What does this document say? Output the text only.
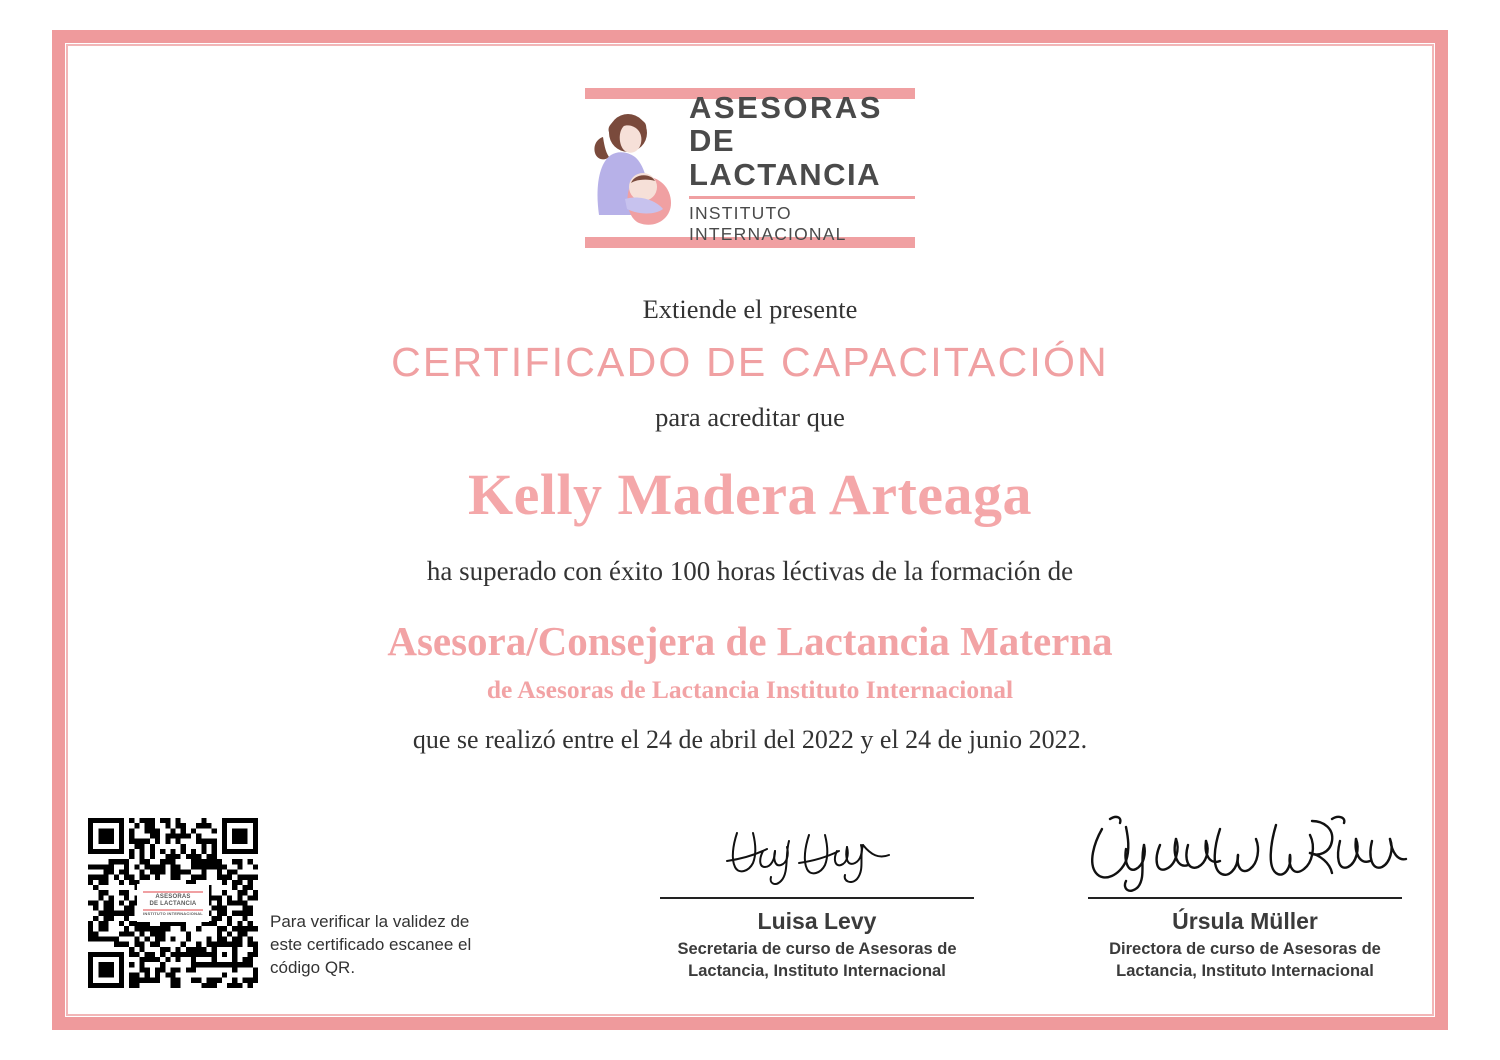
ASESORAS
DE LACTANCIA
INSTITUTO INTERNACIONAL
Extiende el presente
CERTIFICADO DE CAPACITACIÓN
para acreditar que
Kelly Madera Arteaga
ha superado con éxito 100 horas léctivas de la formación de
Asesora/Consejera de Lactancia Materna
de Asesoras de Lactancia Instituto Internacional
que se realizó entre el 24 de abril del 2022 y el 24 de junio 2022.
ASESORAS
DE LACTANCIA
INSTITUTO INTERNACIONAL	Para verificar la validez de este certificado escanee el código QR.
Luisa Levy
Secretaria de curso de Asesoras de Lactancia, Instituto Internacional
Úrsula Müller
Directora de curso de Asesoras de Lactancia, Instituto Internacional
